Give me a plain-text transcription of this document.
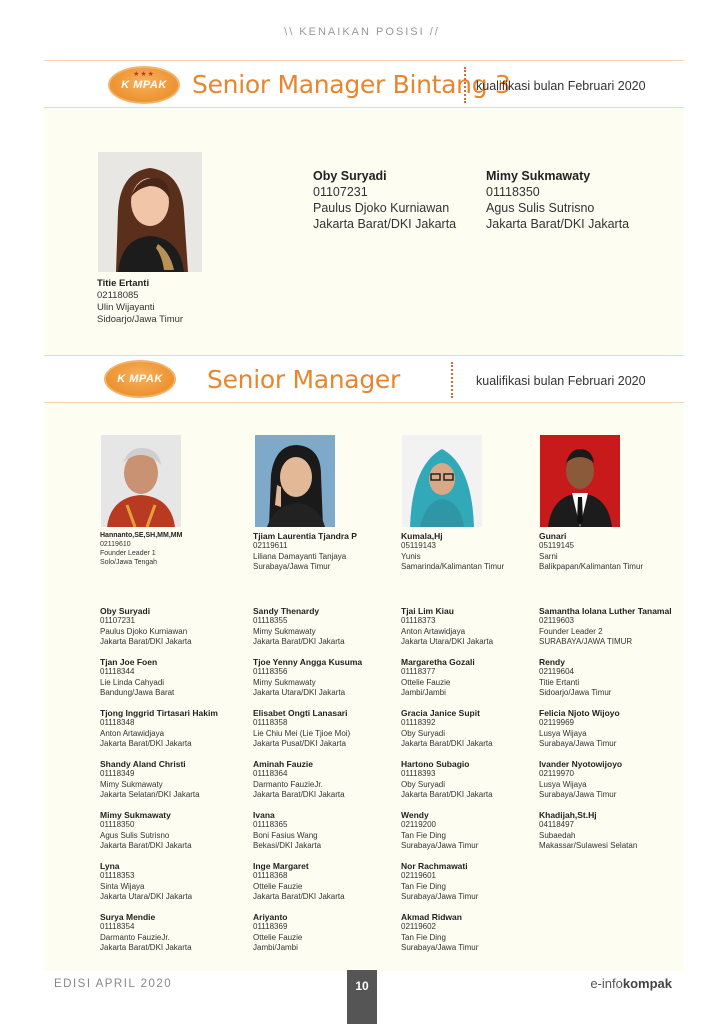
\\ KENAIKAN POSISI //
★★★
K MPAK Senior Manager Bintang 3
kualifikasi bulan Februari 2020
Titie Ertanti
02118085
Ulin Wijayanti
Sidoarjo/Jawa Timur
Oby Suryadi
01107231
Paulus Djoko Kurniawan
Jakarta Barat/DKI Jakarta
Mimy Sukmawaty
01118350
Agus Sulis Sutrisno
Jakarta Barat/DKI Jakarta
K MPAK Senior Manager	kualifikasi bulan Februari 2020
Hannanto,SE,SH,MM,MM
02119610
Founder Leader 1
Solo/Jawa Tengah
Tjiam Laurentia Tjandra P
02119611
Liliana Damayanti Tanjaya
Surabaya/Jawa Timur
Kumala,Hj
05119143
Yunis
Samarinda/Kalimantan Timur
Gunari
05119145
Sarni
Balikpapan/Kalimantan Timur
Oby Suryadi
01107231
Paulus Djoko Kurniawan
Jakarta Barat/DKI Jakarta
Tjan Joe Foen
01118344
Lie Linda Cahyadi
Bandung/Jawa Barat
Tjong Inggrid Tirtasari Hakim
01118348
Anton Artawidjaya
Jakarta Barat/DKI Jakarta
Shandy Aland Christi
01118349
Mimy Sukmawaty
Jakarta Selatan/DKI Jakarta
Mimy Sukmawaty
01118350
Agus Sulis Sutrisno
Jakarta Barat/DKI Jakarta
Lyna
01118353
Sinta Wijaya
Jakarta Utara/DKI Jakarta
Surya Mendie
01118354
Darmanto FauzieJr.
Jakarta Barat/DKI Jakarta
Sandy Thenardy
01118355
Mimy Sukmawaty
Jakarta Barat/DKI Jakarta
Tjoe Yenny Angga Kusuma
01118356
Mimy Sukmawaty
Jakarta Utara/DKI Jakarta
Elisabet Ongti Lanasari
01118358
Lie Chiu Mei (Lie Tjioe Moi)
Jakarta Pusat/DKI Jakarta
Aminah Fauzie
01118364
Darmanto FauzieJr.
Jakarta Barat/DKI Jakarta
Ivana
01118365
Boni Fasius Wang
Bekasi/DKI Jakarta
Inge Margaret
01118368
Ottelie Fauzie
Jakarta Barat/DKI Jakarta
Ariyanto
01118369
Ottelie Fauzie
Jambi/Jambi
Tjai Lim Kiau
01118373
Anton Artawidjaya
Jakarta Utara/DKI Jakarta
Margaretha Gozali
01118377
Ottelie Fauzie
Jambi/Jambi
Gracia Janice Supit
01118392
Oby Suryadi
Jakarta Barat/DKI Jakarta
Hartono Subagio
01118393
Oby Suryadi
Jakarta Barat/DKI Jakarta
Wendy
02119200
Tan Fie Ding
Surabaya/Jawa Timur
Nor Rachmawati
02119601
Tan Fie Ding
Surabaya/Jawa Timur
Akmad Ridwan
02119602
Tan Fie Ding
Surabaya/Jawa Timur
Samantha Iolana Luther Tanamal
02119603
Founder Leader 2
SURABAYA/JAWA TIMUR
Rendy
02119604
Titie Ertanti
Sidoarjo/Jawa Timur
Felicia Njoto Wijoyo
02119969
Lusya Wijaya
Surabaya/Jawa Timur
Ivander Nyotowijoyo
02119970
Lusya Wijaya
Surabaya/Jawa Timur
Khadijah,St.Hj
04118497
Subaedah
Makassar/Sulawesi Selatan
EDISI APRIL 2020	10	e-infokompak
